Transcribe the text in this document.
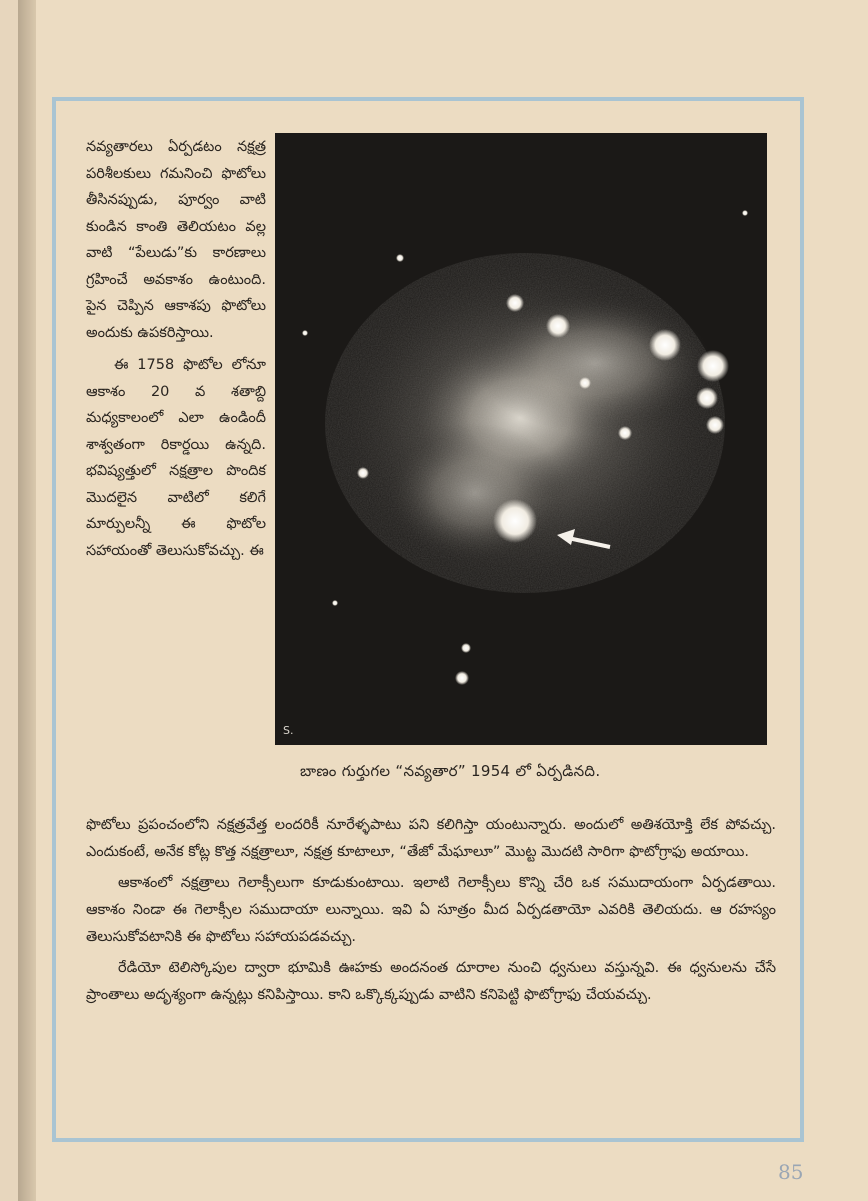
నవ్యతారలు ఏర్పడటం నక్షత్ర పరిశీలకులు గమనించి ఫొటోలు తీసినప్పుడు, పూర్వం వాటి కుండిన కాంతి తెలియటం వల్ల వాటి “పేలుడు”కు కారణాలు గ్రహించే అవకాశం ఉంటుంది. పైన చెప్పిన ఆకాశపు ఫొటోలు అందుకు ఉపకరిస్తాయి.

ఈ 1758 ఫొటోల లోనూ ఆకాశం 20 వ శతాబ్ది మధ్యకాలంలో ఎలా ఉండిందీ శాశ్వతంగా రికార్డయి ఉన్నది. భవిష్యత్తులో నక్షత్రాల పొందిక మొదలైన వాటిలో కలిగే మార్పులన్నీ ఈ ఫొటోల సహాయంతో తెలుసుకోవచ్చు. ఈ

S.
బాణం గుర్తుగల “నవ్యతార” 1954 లో ఏర్పడినది.

ఫొటోలు ప్రపంచంలోని నక్షత్రవేత్త లందరికీ నూరేళ్ళపాటు పని కలిగిస్తా యంటున్నారు. అందులో అతిశయోక్తి లేక పోవచ్చు. ఎందుకంటే, అనేక కోట్ల కొత్త నక్షత్రాలూ, నక్షత్ర కూటాలూ, “తేజో మేఘాలూ” మొట్ట మొదటి సారిగా ఫొటోగ్రాఫు అయాయి.

ఆకాశంలో నక్షత్రాలు గెలాక్సీలుగా కూడుకుంటాయి. ఇలాటి గెలాక్సీలు కొన్ని చేరి ఒక సముదాయంగా ఏర్పడతాయి. ఆకాశం నిండా ఈ గెలాక్సీల సముదాయా లున్నాయి. ఇవి ఏ సూత్రం మీద ఏర్పడతాయో ఎవరికి తెలియదు. ఆ రహస్యం తెలుసుకోవటానికి ఈ ఫొటోలు సహాయపడవచ్చు.

రేడియో టెలిస్కోపుల ద్వారా భూమికి ఊహకు అందనంత దూరాల నుంచి ధ్వనులు వస్తున్నవి. ఈ ధ్వనులను చేసే ప్రాంతాలు అదృశ్యంగా ఉన్నట్లు కనిపిస్తాయి. కాని ఒక్కొక్కప్పుడు వాటిని కనిపెట్టి ఫొటోగ్రాఫు చేయవచ్చు.

85
